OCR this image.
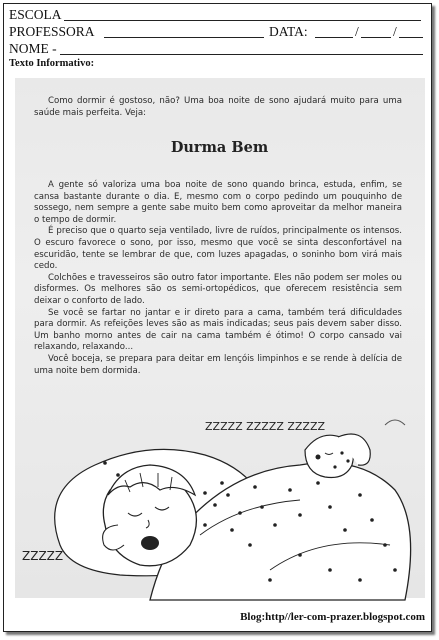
ESCOLA
PROFESSORA	DATA:	/	/
NOME -
Texto Informativo:

Como dormir é gostoso, não? Uma boa noite de sono ajudará muito para uma saúde mais perfeita. Veja:

Durma Bem

A gente só valoriza uma boa noite de sono quando brinca, estuda, enfim, se cansa bastante durante o dia. E, mesmo com o corpo pedindo um pouquinho de sossego, nem sempre a gente sabe muito bem como aproveitar da melhor maneira o tempo de dormir.

É preciso que o quarto seja ventilado, livre de ruídos, principalmente os intensos. O escuro favorece o sono, por isso, mesmo que você se sinta desconfortável na escuridão, tente se lembrar de que, com luzes apagadas, o soninho bom virá mais cedo.

Colchões e travesseiros são outro fator importante. Eles não podem ser moles ou disformes. Os melhores são os semi-ortopédicos, que oferecem resistência sem deixar o conforto de lado.

Se você se fartar no jantar e ir direto para a cama, também terá dificuldades para dormir. As refeições leves são as mais indicadas; seus pais devem saber disso. Um banho morno antes de cair na cama também é ótimo! O corpo cansado vai relaxando, relaxando...

Você boceja, se prepara para deitar em lençóis limpinhos e se rende à delícia de uma noite bem dormida.

ZZZZZ ZZZZZ ZZZZZ
ZZZZZ
Blog:http//ler-com-prazer.blogspot.com
